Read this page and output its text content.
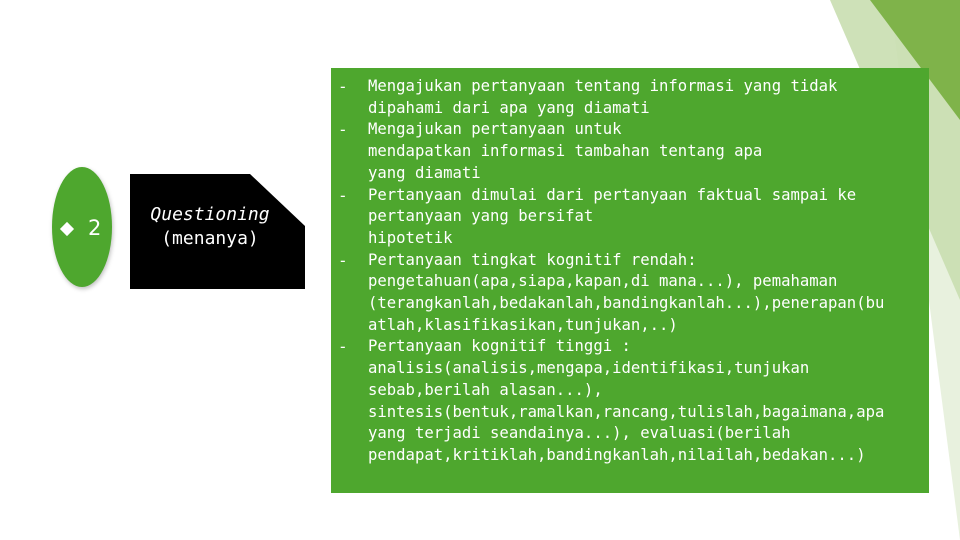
2
Questioning
(menanya)
- Mengajukan pertanyaan tentang informasi yang tidak
dipahami dari apa yang diamati
- Mengajukan pertanyaan untuk
mendapatkan informasi tambahan tentang apa
yang diamati
- Pertanyaan dimulai dari pertanyaan faktual sampai ke
pertanyaan yang bersifat
hipotetik
- Pertanyaan tingkat kognitif rendah:
pengetahuan(apa,siapa,kapan,di mana...), pemahaman
(terangkanlah,bedakanlah,bandingkanlah...),penerapan(bu
atlah,klasifikasikan,tunjukan,..)
- Pertanyaan kognitif tinggi :
analisis(analisis,mengapa,identifikasi,tunjukan
sebab,berilah alasan...),
sintesis(bentuk,ramalkan,rancang,tulislah,bagaimana,apa
yang terjadi seandainya...), evaluasi(berilah
pendapat,kritiklah,bandingkanlah,nilailah,bedakan...)
